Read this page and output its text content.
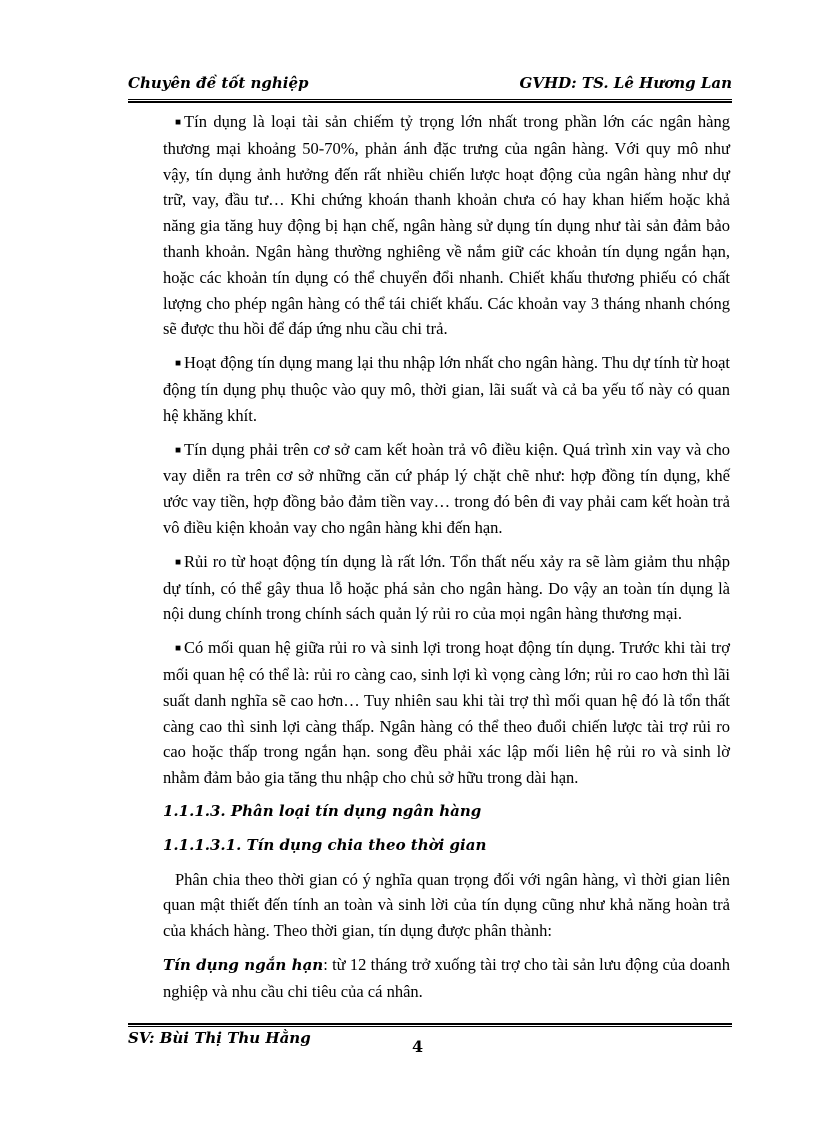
Chuyên đề tốt nghiệp	GVHD: TS. Lê Hương Lan

■ Tín dụng là loại tài sản chiếm tỷ trọng lớn nhất trong phần lớn các ngân hàng thương mại khoảng 50-70%, phản ánh đặc trưng của ngân hàng. Với quy mô như vậy, tín dụng ảnh hưởng đến rất nhiều chiến lược hoạt động của ngân hàng như dự trữ, vay, đầu tư… Khi chứng khoán thanh khoản chưa có hay khan hiếm hoặc khả năng gia tăng huy động bị hạn chế, ngân hàng sử dụng tín dụng như tài sản đảm bảo thanh khoản. Ngân hàng thường nghiêng về nắm giữ các khoản tín dụng ngắn hạn, hoặc các khoản tín dụng có thể chuyển đổi nhanh. Chiết khấu thương phiếu có chất lượng cho phép ngân hàng có thể tái chiết khấu. Các khoản vay 3 tháng nhanh chóng sẽ được thu hồi để đáp ứng nhu cầu chi trả.

■ Hoạt động tín dụng mang lại thu nhập lớn nhất cho ngân hàng. Thu dự tính từ hoạt động tín dụng phụ thuộc vào quy mô, thời gian, lãi suất và cả ba yếu tố này có quan hệ khăng khít.

■ Tín dụng phải trên cơ sở cam kết hoàn trả vô điều kiện. Quá trình xin vay và cho vay diễn ra trên cơ sở những căn cứ pháp lý chặt chẽ như: hợp đồng tín dụng, khế ước vay tiền, hợp đồng bảo đảm tiền vay… trong đó bên đi vay phải cam kết hoàn trả vô điều kiện khoản vay cho ngân hàng khi đến hạn.

■ Rủi ro từ hoạt động tín dụng là rất lớn. Tổn thất nếu xảy ra sẽ làm giảm thu nhập dự tính, có thể gây thua lỗ hoặc phá sản cho ngân hàng. Do vậy an toàn tín dụng là nội dung chính trong chính sách quản lý rủi ro của mọi ngân hàng thương mại.

■ Có mối quan hệ giữa rủi ro và sinh lợi trong hoạt động tín dụng. Trước khi tài trợ mối quan hệ có thể là: rủi ro càng cao, sinh lợi kì vọng càng lớn; rủi ro cao hơn thì lãi suất danh nghĩa sẽ cao hơn… Tuy nhiên sau khi tài trợ thì mối quan hệ đó là tổn thất càng cao thì sinh lợi càng thấp. Ngân hàng có thể theo đuổi chiến lược tài trợ rủi ro cao hoặc thấp trong ngắn hạn. song đều phải xác lập mối liên hệ rủi ro và sinh lờ nhằm đảm bảo gia tăng thu nhập cho chủ sở hữu trong dài hạn.

1.1.1.3. Phân loại tín dụng ngân hàng

1.1.1.3.1. Tín dụng chia theo thời gian

Phân chia theo thời gian có ý nghĩa quan trọng đối với ngân hàng, vì thời gian liên quan mật thiết đến tính an toàn và sinh lời của tín dụng cũng như khả năng hoàn trả của khách hàng. Theo thời gian, tín dụng được phân thành:

Tín dụng ngắn hạn: từ 12 tháng trở xuống tài trợ cho tài sản lưu động của doanh nghiệp và nhu cầu chi tiêu của cá nhân.

SV: Bùi Thị Thu Hằng	4
